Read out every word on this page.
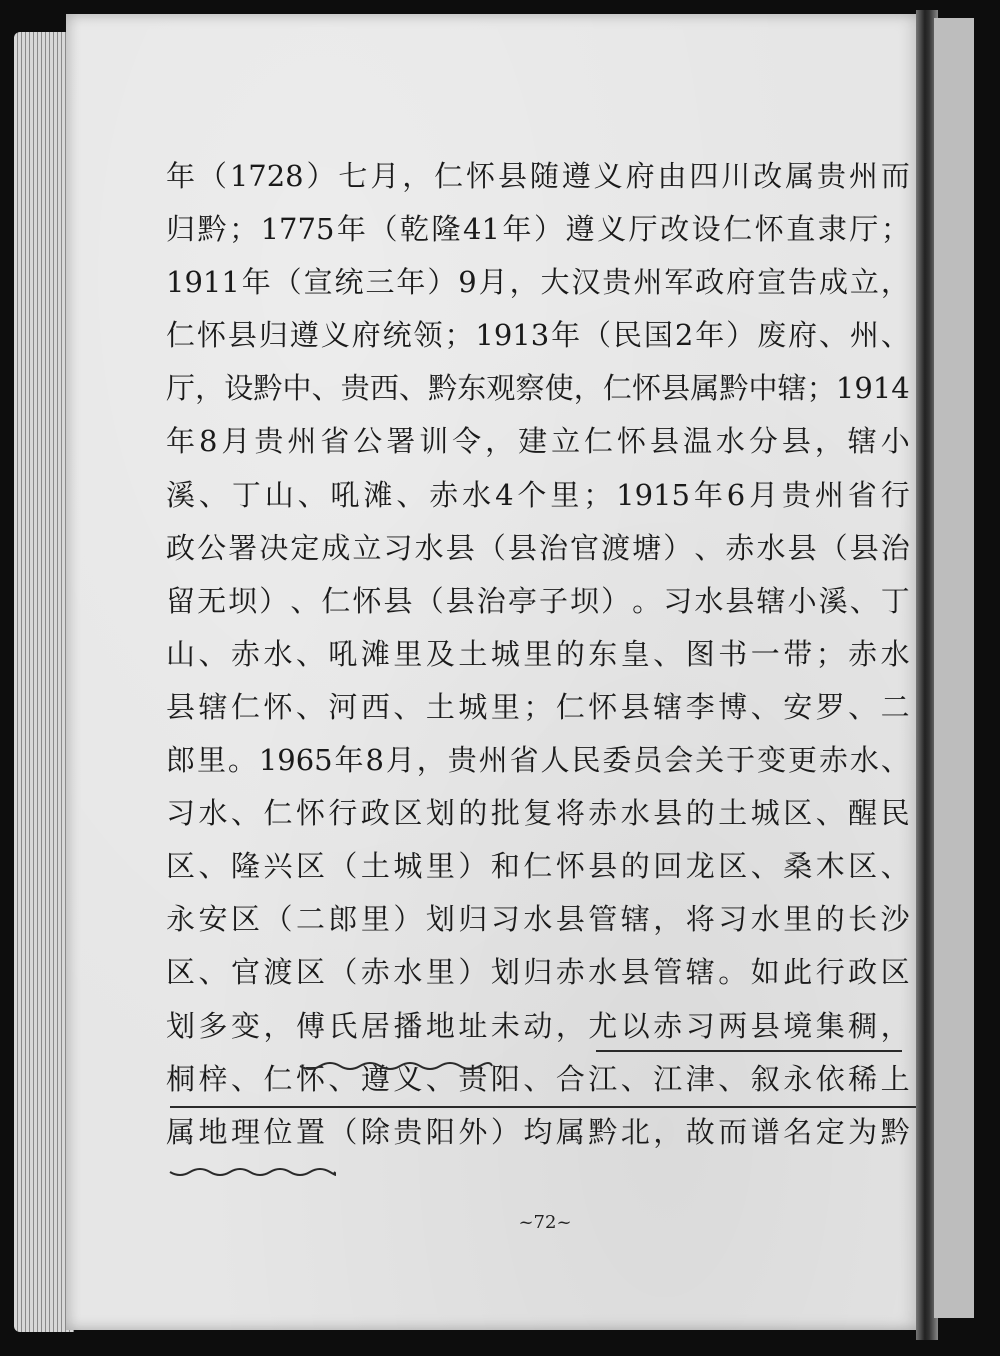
年 （ 1728 ） 七 月 ， 仁 怀 县 随 遵 义 府 由 四 川 改 属 贵 州 而
归 黔 ； 1775 年 （ 乾 隆 41 年 ） 遵 义 厅 改 设 仁 怀 直 隶 厅 ；
1911 年 （ 宣 统 三 年 ） 9 月 ， 大 汉 贵 州 军 政 府 宣 告 成 立 ，
仁 怀 县 归 遵 义 府 统 领 ； 1913 年 （ 民 国 2 年 ） 废 府 、 州 、
厅 ， 设 黔 中 、 贵 西 、 黔 东 观 察 使 ， 仁 怀 县 属 黔 中 辖 ； 1914
年 8 月 贵 州 省 公 署 训 令 ， 建 立 仁 怀 县 温 水 分 县 ， 辖 小
溪 、 丁 山 、 吼 滩 、 赤 水 4 个 里 ； 1915 年 6 月 贵 州 省 行
政 公 署 决 定 成 立 习 水 县 （ 县 治 官 渡 塘 ） 、 赤 水 县 （ 县 治
留 无 坝 ） 、 仁 怀 县 （ 县 治 亭 子 坝 ） 。 习 水 县 辖 小 溪 、 丁
山 、 赤 水 、 吼 滩 里 及 土 城 里 的 东 皇 、 图 书 一 带 ； 赤 水
县 辖 仁 怀 、 河 西 、 土 城 里 ； 仁 怀 县 辖 李 博 、 安 罗 、 二
郎 里 。 1965 年 8 月 ， 贵 州 省 人 民 委 员 会 关 于 变 更 赤 水 、
习 水 、 仁 怀 行 政 区 划 的 批 复 将 赤 水 县 的 土 城 区 、 醒 民
区 、 隆 兴 区 （ 土 城 里 ） 和 仁 怀 县 的 回 龙 区 、 桑 木 区 、
永 安 区 （ 二 郎 里 ） 划 归 习 水 县 管 辖 ， 将 习 水 里 的 长 沙
区 、 官 渡 区 （ 赤 水 里 ） 划 归 赤 水 县 管 辖 。 如 此 行 政 区
划 多 变 ， 傅 氏 居 播 地 址 未 动 ， 尤 以 赤 习 两 县 境 集 稠 ，
桐 梓 、 仁 怀 、 遵 义 、 贵 阳 、 合 江 、 江 津 、 叙 永 依 稀 上
属 地 理 位 置 （ 除 贵 阳 外 ） 均 属 黔 北 ， 故 而 谱 名 定 为 黔
~72~
